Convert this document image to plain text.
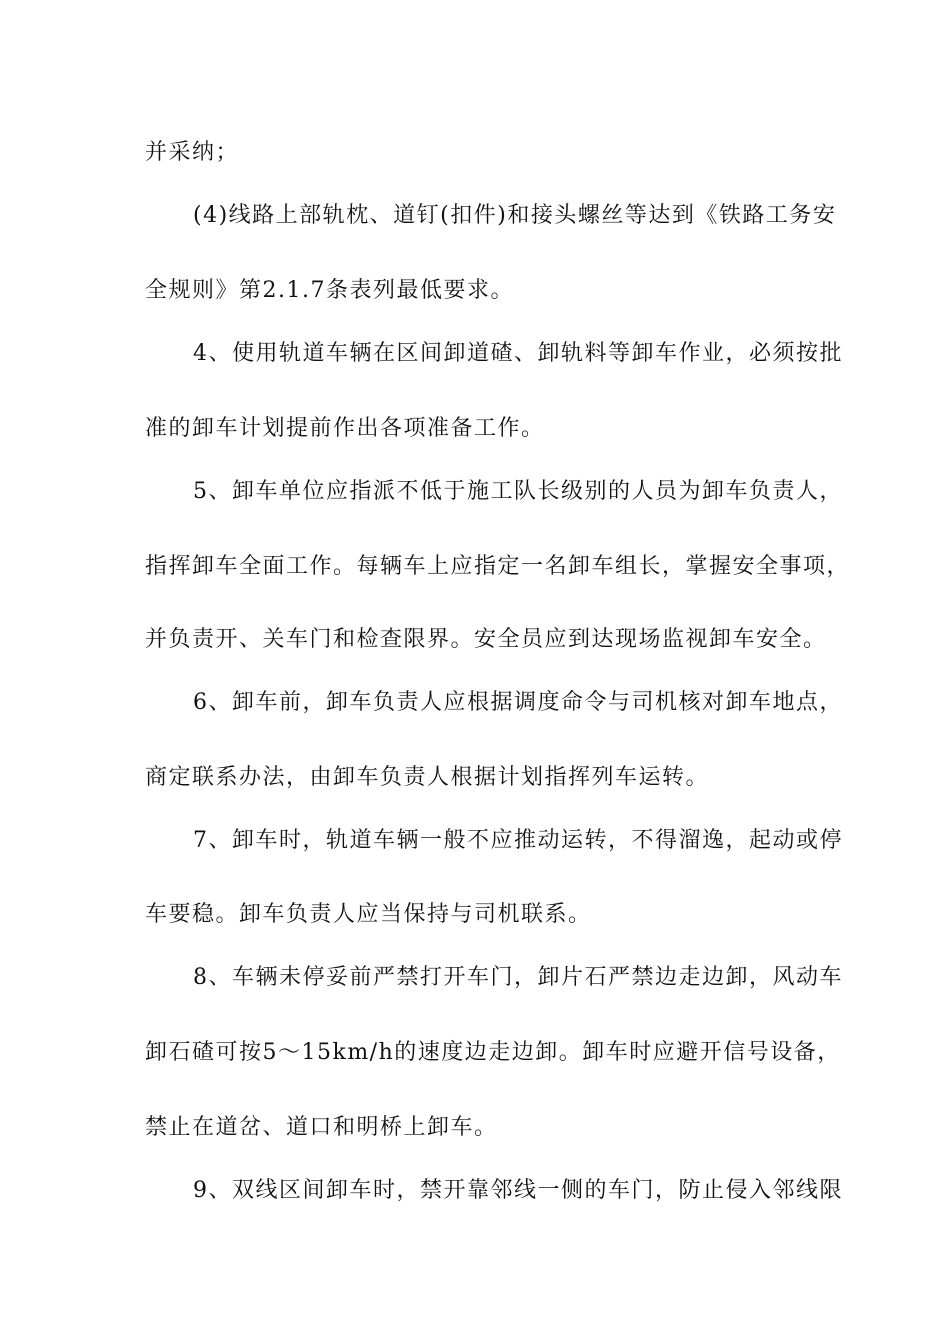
并采纳；
(4)线路上部轨枕、道钉(扣件)和接头螺丝等达到《铁路工务安
全规则》第2.1.7条表列最低要求。
4、使用轨道车辆在区间卸道碴、卸轨料等卸车作业，必须按批
准的卸车计划提前作出各项准备工作。
5、卸车单位应指派不低于施工队长级别的人员为卸车负责人，
指挥卸车全面工作。每辆车上应指定一名卸车组长，掌握安全事项，
并负责开、关车门和检查限界。安全员应到达现场监视卸车安全。
6、卸车前，卸车负责人应根据调度命令与司机核对卸车地点，
商定联系办法，由卸车负责人根据计划指挥列车运转。
7、卸车时，轨道车辆一般不应推动运转，不得溜逸，起动或停
车要稳。卸车负责人应当保持与司机联系。
8、车辆未停妥前严禁打开车门，卸片石严禁边走边卸，风动车
卸石碴可按5～15km/h的速度边走边卸。卸车时应避开信号设备，
禁止在道岔、道口和明桥上卸车。
9、双线区间卸车时，禁开靠邻线一侧的车门，防止侵入邻线限
